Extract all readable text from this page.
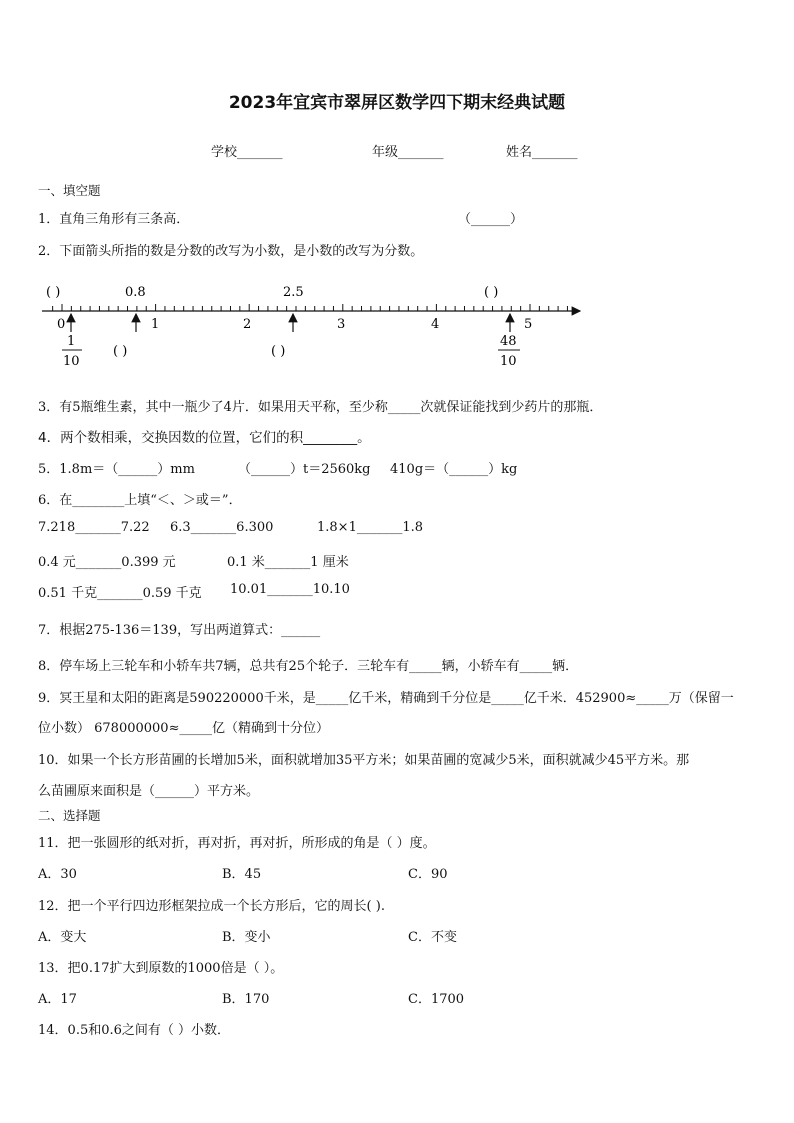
2023年宜宾市翠屏区数学四下期末经典试题
学校_______	年级_______	姓名_______
一、填空题
1．直角三角形有三条高．	（______）
2．下面箭头所指的数是分数的改写为小数，是小数的改写为分数。
( )	0.8	2.5	( )
0	1	2	3	4	5
1
10
( )	( )
48
10
3．有5瓶维生素，其中一瓶少了4片．如果用天平称，至少称_____次就保证能找到少药片的那瓶．
4．两个数相乘，交换因数的位置，它们的积________。
5．1.8m＝（______）mm	（______）t＝2560kg 410g＝（______）kg
6．在________上填“＜、＞或＝”．
7.218_______7.22 6.3_______6.300	1.8×1_______1.8
0.4 元_______0.399 元	0.1 米_______1 厘米
0.51 千克_______0.59 千克 10.01_______10.10
7．根据275-136＝139，写出两道算式：______
8．停车场上三轮车和小轿车共7辆，总共有25个轮子．三轮车有_____辆，小轿车有_____辆．
9．冥王星和太阳的距离是590220000千米，是_____亿千米，精确到千分位是_____亿千米．452900≈_____万（保留一
位小数） 678000000≈_____亿（精确到十分位）
10．如果一个长方形苗圃的长增加5米，面积就增加35平方米；如果苗圃的宽减少5米，面积就减少45平方米。那
么苗圃原来面积是（______）平方米。
二、选择题
11．把一张圆形的纸对折，再对折，再对折，所形成的角是（ ）度。
A．30	B．45	C．90
12．把一个平行四边形框架拉成一个长方形后，它的周长( ).
A．变大	B．变小	C．不变
13．把0.17扩大到原数的1000倍是（ ）。
A．17	B．170	C．1700
14．0.5和0.6之间有（ ）小数．
